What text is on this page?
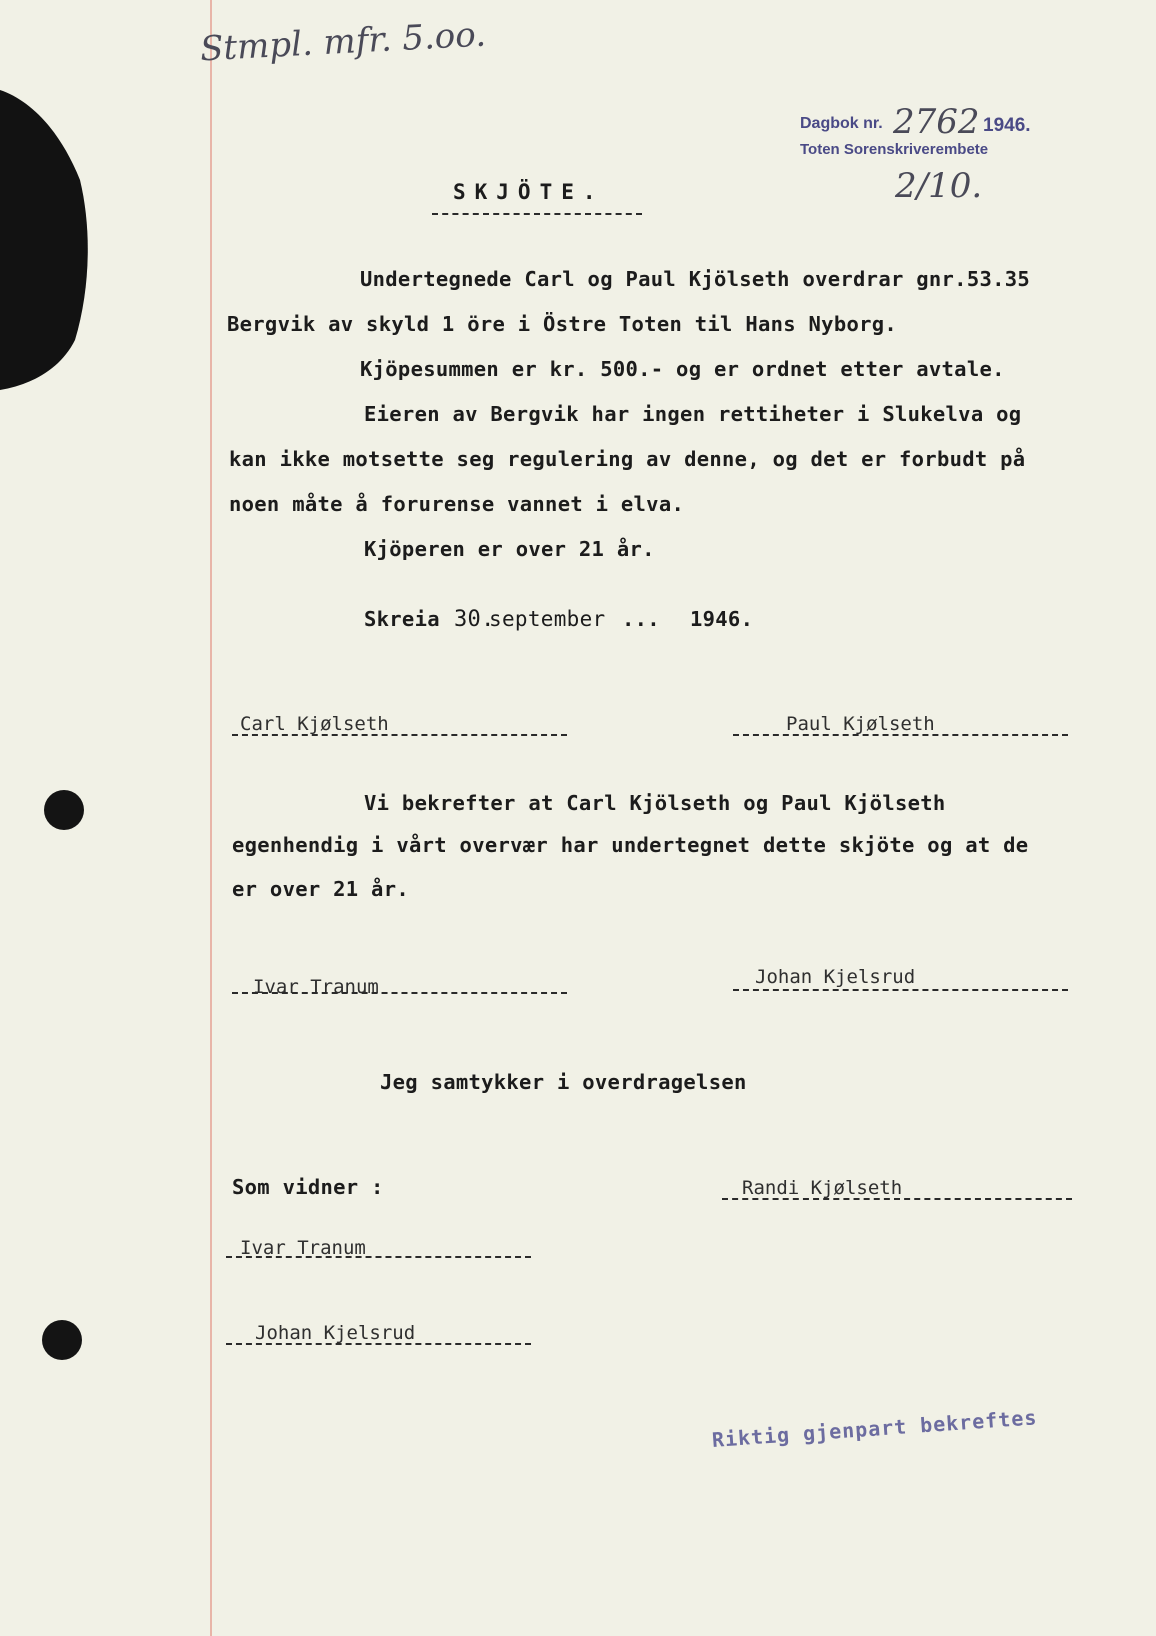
Stmpl. mfr. 5.oo.
Dagbok nr. 2762 1946.
Toten Sorenskriverembete
2/10.
SKJÖTE.
Undertegnede Carl og Paul Kjölseth overdrar gnr.53.35
Bergvik av skyld 1 öre i Östre Toten til Hans Nyborg.
Kjöpesummen er kr. 500.- og er ordnet etter avtale.
Eieren av Bergvik har ingen rettiheter i Slukelva og
kan ikke motsette seg regulering av denne, og det er forbudt på
noen måte å forurense vannet i elva.
Kjöperen er over 21 år.
Skreia 30.
september ... 1946.
Carl Kjølseth	Paul Kjølseth
Vi bekrefter at Carl Kjölseth og Paul Kjölseth
egenhendig i vårt overvær har undertegnet dette skjöte og at de
er over 21 år.
Ivar Tranum	Johan Kjelsrud
Jeg samtykker i overdragelsen
Som vidner :	Randi Kjølseth
Ivar Tranum
Johan Kjelsrud
Riktig gjenpart bekreftes
